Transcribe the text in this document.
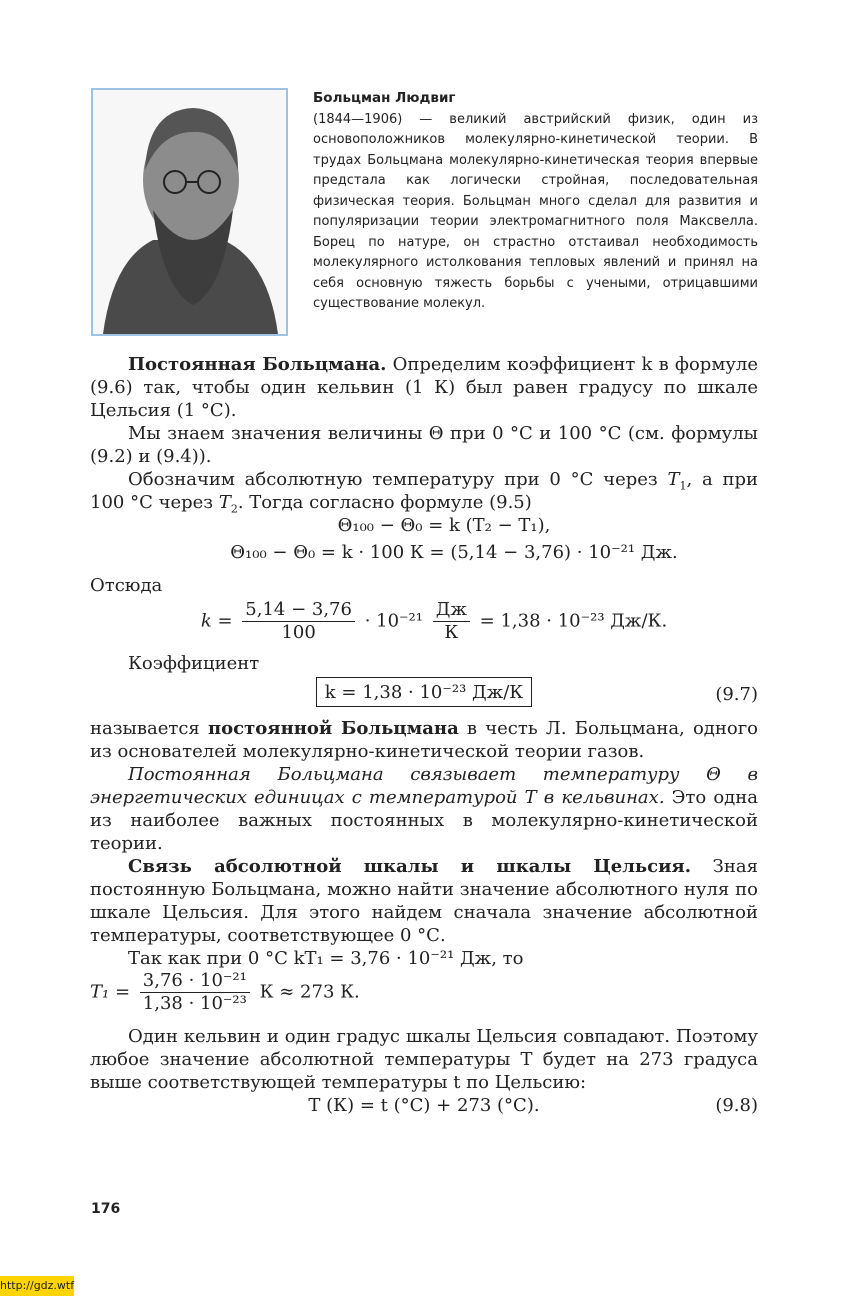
Больцман Людвиг
(1844—1906) — великий австрийский физик, один из основоположников молекулярно-кинетической теории. В трудах Больцмана молекулярно-кинетическая теория впервые предстала как логически стройная, последовательная физическая теория. Больцман много сделал для развития и популяризации теории электромагнитного поля Максвелла. Борец по натуре, он страстно отстаивал необходимость молекулярного истолкования тепловых явлений и принял на себя основную тяжесть борьбы с учеными, отрицавшими существование молекул.

Постоянная Больцмана. Определим коэффициент k в формуле (9.6) так, чтобы один кельвин (1 К) был равен градусу по шкале Цельсия (1 °С).

Мы знаем значения величины Θ при 0 °С и 100 °С (см. формулы (9.2) и (9.4)).

Обозначим абсолютную температуру при 0 °С через $T_1$, а при 100 °С через $T_2$. Тогда согласно формуле (9.5)

Θ₁₀₀ − Θ₀ = k (T₂ − T₁),

Θ₁₀₀ − Θ₀ = k · 100 К = (5,14 − 3,76) · 10⁻²¹ Дж.

Отсюда

$k = \frac{5,14 - 3,76}{100} \cdot 10^{-21} \frac{Дж}{К} = 1,38 \cdot 10^{-23}$ Дж/К.

Коэффициент

k = 1,38 · 10⁻²³ Дж/К	(9.7)

называется постоянной Больцмана в честь Л. Больцмана, одного из основателей молекулярно-кинетической теории газов.

Постоянная Больцмана связывает температуру Θ в энергетических единицах с температурой T в кельвинах. Это одна из наиболее важных постоянных в молекулярно-кинетической теории.

Связь абсолютной шкалы и шкалы Цельсия. Зная постоянную Больцмана, можно найти значение абсолютного нуля по шкале Цельсия. Для этого найдем сначала значение абсолютной температуры, соответствующее 0 °С.

Так как при 0 °С kT₁ = 3,76 · 10⁻²¹ Дж, то

$T_1 = \frac{\text{3,76 · 10⁻²¹}}{\text{1,38 · 10⁻²³}}$ К ≈ 273 К.

Один кельвин и один градус шкалы Цельсия совпадают. Поэтому любое значение абсолютной температуры T будет на 273 градуса выше соответствующей температуры t по Цельсию:

T (К) = t (°С) + 273 (°С).	(9.8)

176
http://gdz.wtf
